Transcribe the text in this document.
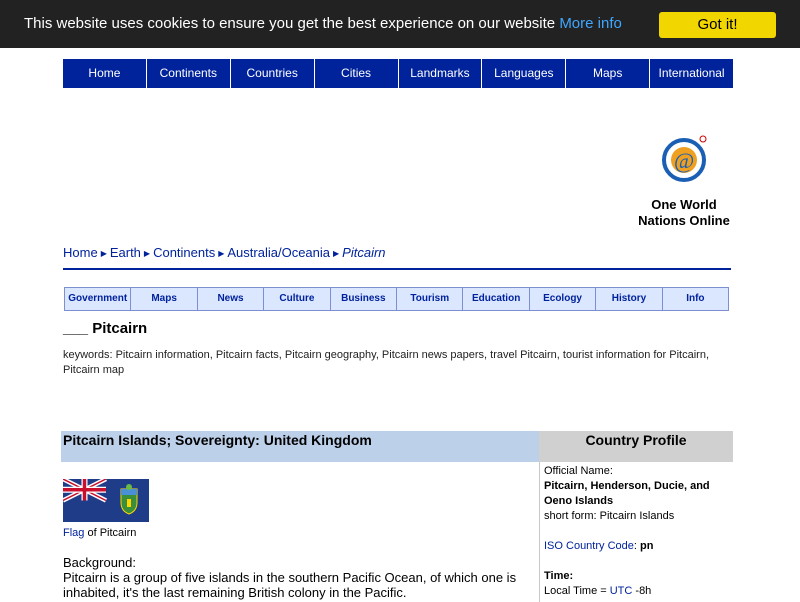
This website uses cookies to ensure you get the best experience on our website More info	Got it!
Home	Continents	Countries	Cities	Landmarks	Languages	Maps	International
@
One World
Nations Online
Home ▶ Earth ▶ Continents ▶ Australia/Oceania ▶ Pitcairn
Government	Maps	News	Culture	Business	Tourism	Education	Ecology	History	Info
___ Pitcairn
keywords: Pitcairn information, Pitcairn facts, Pitcairn geography, Pitcairn news papers, travel Pitcairn, tourist information for Pitcairn, Pitcairn map
Pitcairn Islands; Sovereignty: United Kingdom	Country Profile
Flag of Pitcairn
Background:
Pitcairn is a group of five islands in the southern Pacific Ocean, of which one is inhabited, it's the last remaining British colony in the Pacific.
Official Name:
Pitcairn, Henderson, Ducie, and Oeno Islands
short form: Pitcairn Islands
ISO Country Code: pn
Time:
Local Time = UTC -8h
